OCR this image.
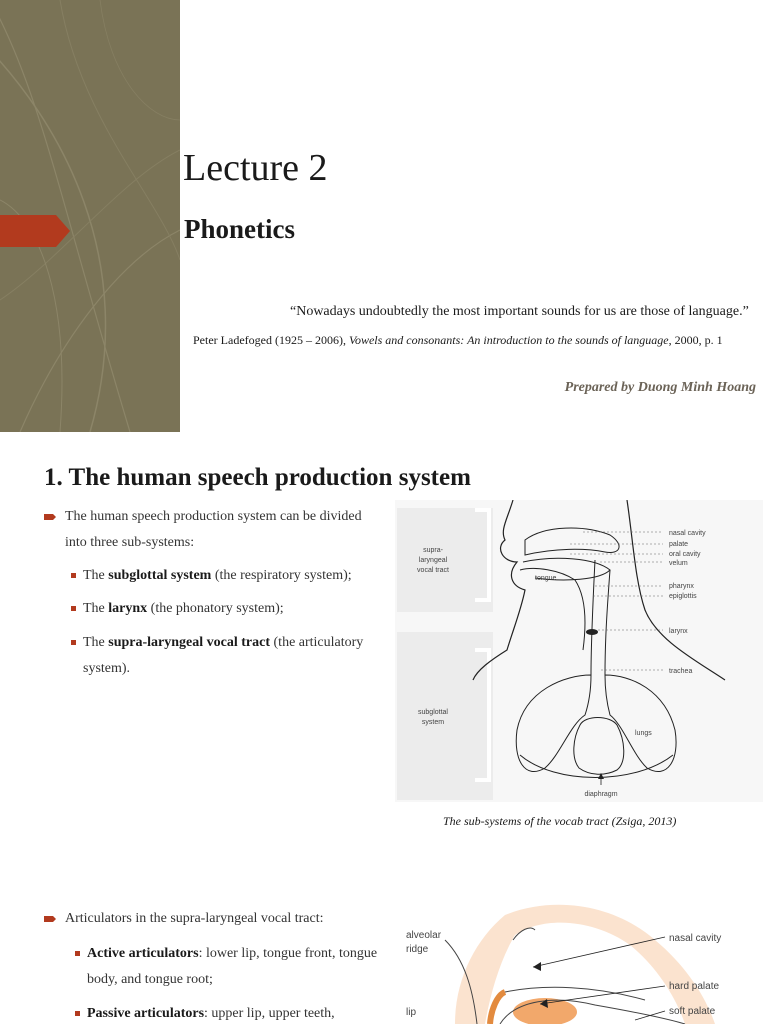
Lecture 2
Phonetics
“Nowadays undoubtedly the most important sounds for us are those of language.”
Peter Ladefoged (1925 – 2006), Vowels and consonants: An introduction to the sounds of language, 2000, p. 1
Prepared by Duong Minh Hoang
1. The human speech production system
The human speech production system can be divided into three sub-systems:
The subglottal system (the respiratory system);
The larynx (the phonatory system);
The supra-laryngeal vocal tract (the articulatory system).
supra-
laryngeal
vocal tract
subglottal
system
tongue
lungs
diaphragm
nasal cavity
palate
oral cavity
velum
pharynx
epiglottis
larynx
trachea
The sub-systems of the vocab tract (Zsiga, 2013)
Articulators in the supra-laryngeal vocal tract:
Active articulators: lower lip, tongue front, tongue body, and tongue root;
Passive articulators: upper lip, upper teeth,
alveolar
ridge
lip
nasal cavity
hard palate
soft palate
